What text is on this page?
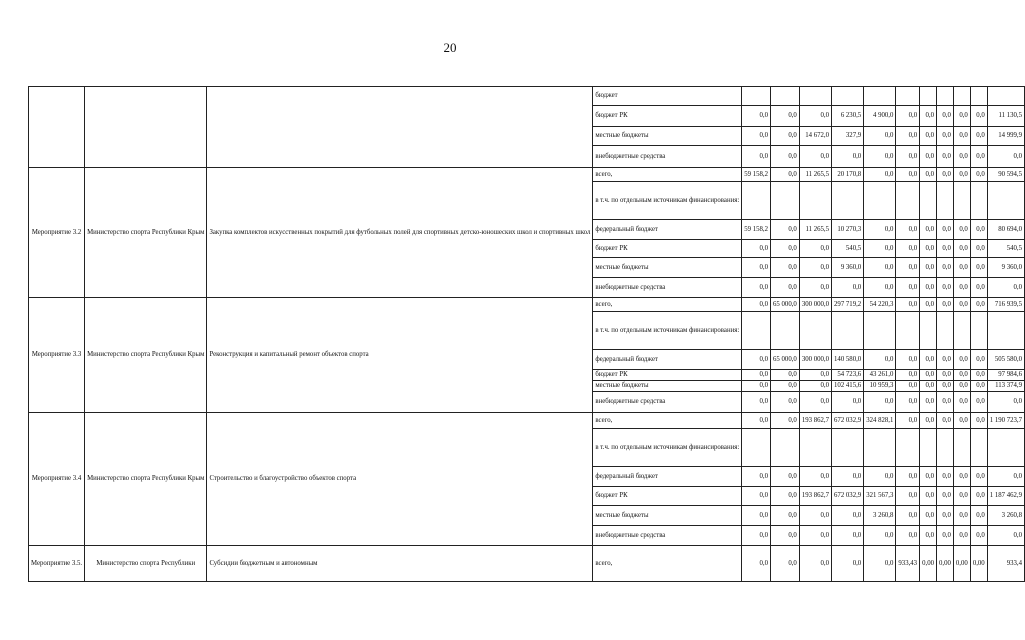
20
			бюджет											
			бюджет РК	0,0	0,0	0,0	6 230,5	4 900,0	0,0	0,0	0,0	0,0	0,0	11 130,5
			местные бюджеты	0,0	0,0	14 672,0	327,9	0,0	0,0	0,0	0,0	0,0	0,0	14 999,9
			внебюджетные средства	0,0	0,0	0,0	0,0	0,0	0,0	0,0	0,0	0,0	0,0	0,0
Мероприятие 3.2	Министерство спорта Республики Крым	Закупка комплектов искусственных покрытий для футбольных полей для спортивных детско-юношеских школ и спортивных школ	всего,	59 158,2	0,0	11 265,5	20 170,8	0,0	0,0	0,0	0,0	0,0	0,0	90 594,5
			в т.ч. по отдельным источникам финансирования:											
			федеральный бюджет	59 158,2	0,0	11 265,5	10 270,3	0,0	0,0	0,0	0,0	0,0	0,0	80 694,0
			бюджет РК	0,0	0,0	0,0	540,5	0,0	0,0	0,0	0,0	0,0	0,0	540,5
			местные бюджеты	0,0	0,0	0,0	9 360,0	0,0	0,0	0,0	0,0	0,0	0,0	9 360,0
			внебюджетные средства	0,0	0,0	0,0	0,0	0,0	0,0	0,0	0,0	0,0	0,0	0,0
Мероприятие 3.3	Министерство спорта Республики Крым	Реконструкция и капитальный ремонт объектов спорта	всего,	0,0	65 000,0	300 000,0	297 719,2	54 220,3	0,0	0,0	0,0	0,0	0,0	716 939,5
			в т.ч. по отдельным источникам финансирования:											
			федеральный бюджет	0,0	65 000,0	300 000,0	140 580,0	0,0	0,0	0,0	0,0	0,0	0,0	505 580,0
			бюджет РК	0,0	0,0	0,0	54 723,6	43 261,0	0,0	0,0	0,0	0,0	0,0	97 984,6
			местные бюджеты	0,0	0,0	0,0	102 415,6	10 959,3	0,0	0,0	0,0	0,0	0,0	113 374,9
			внебюджетные средства	0,0	0,0	0,0	0,0	0,0	0,0	0,0	0,0	0,0	0,0	0,0
Мероприятие 3.4	Министерство спорта Республики Крым	Строительство и благоустройство объектов спорта	всего,	0,0	0,0	193 862,7	672 032,9	324 828,1	0,0	0,0	0,0	0,0	0,0	1 190 723,7
			в т.ч. по отдельным источникам финансирования:											
			федеральный бюджет	0,0	0,0	0,0	0,0	0,0	0,0	0,0	0,0	0,0	0,0	0,0
			бюджет РК	0,0	0,0	193 862,7	672 032,9	321 567,3	0,0	0,0	0,0	0,0	0,0	1 187 462,9
			местные бюджеты	0,0	0,0	0,0	0,0	3 260,8	0,0	0,0	0,0	0,0	0,0	3 260,8
			внебюджетные средства	0,0	0,0	0,0	0,0	0,0	0,0	0,0	0,0	0,0	0,0	0,0
Мероприятие 3.5.	Министерство спорта Республики	Субсидии бюджетным и автономным	всего,	0,0	0,0	0,0	0,0	0,0	933,43	0,00	0,00	0,00	0,00	933,4
